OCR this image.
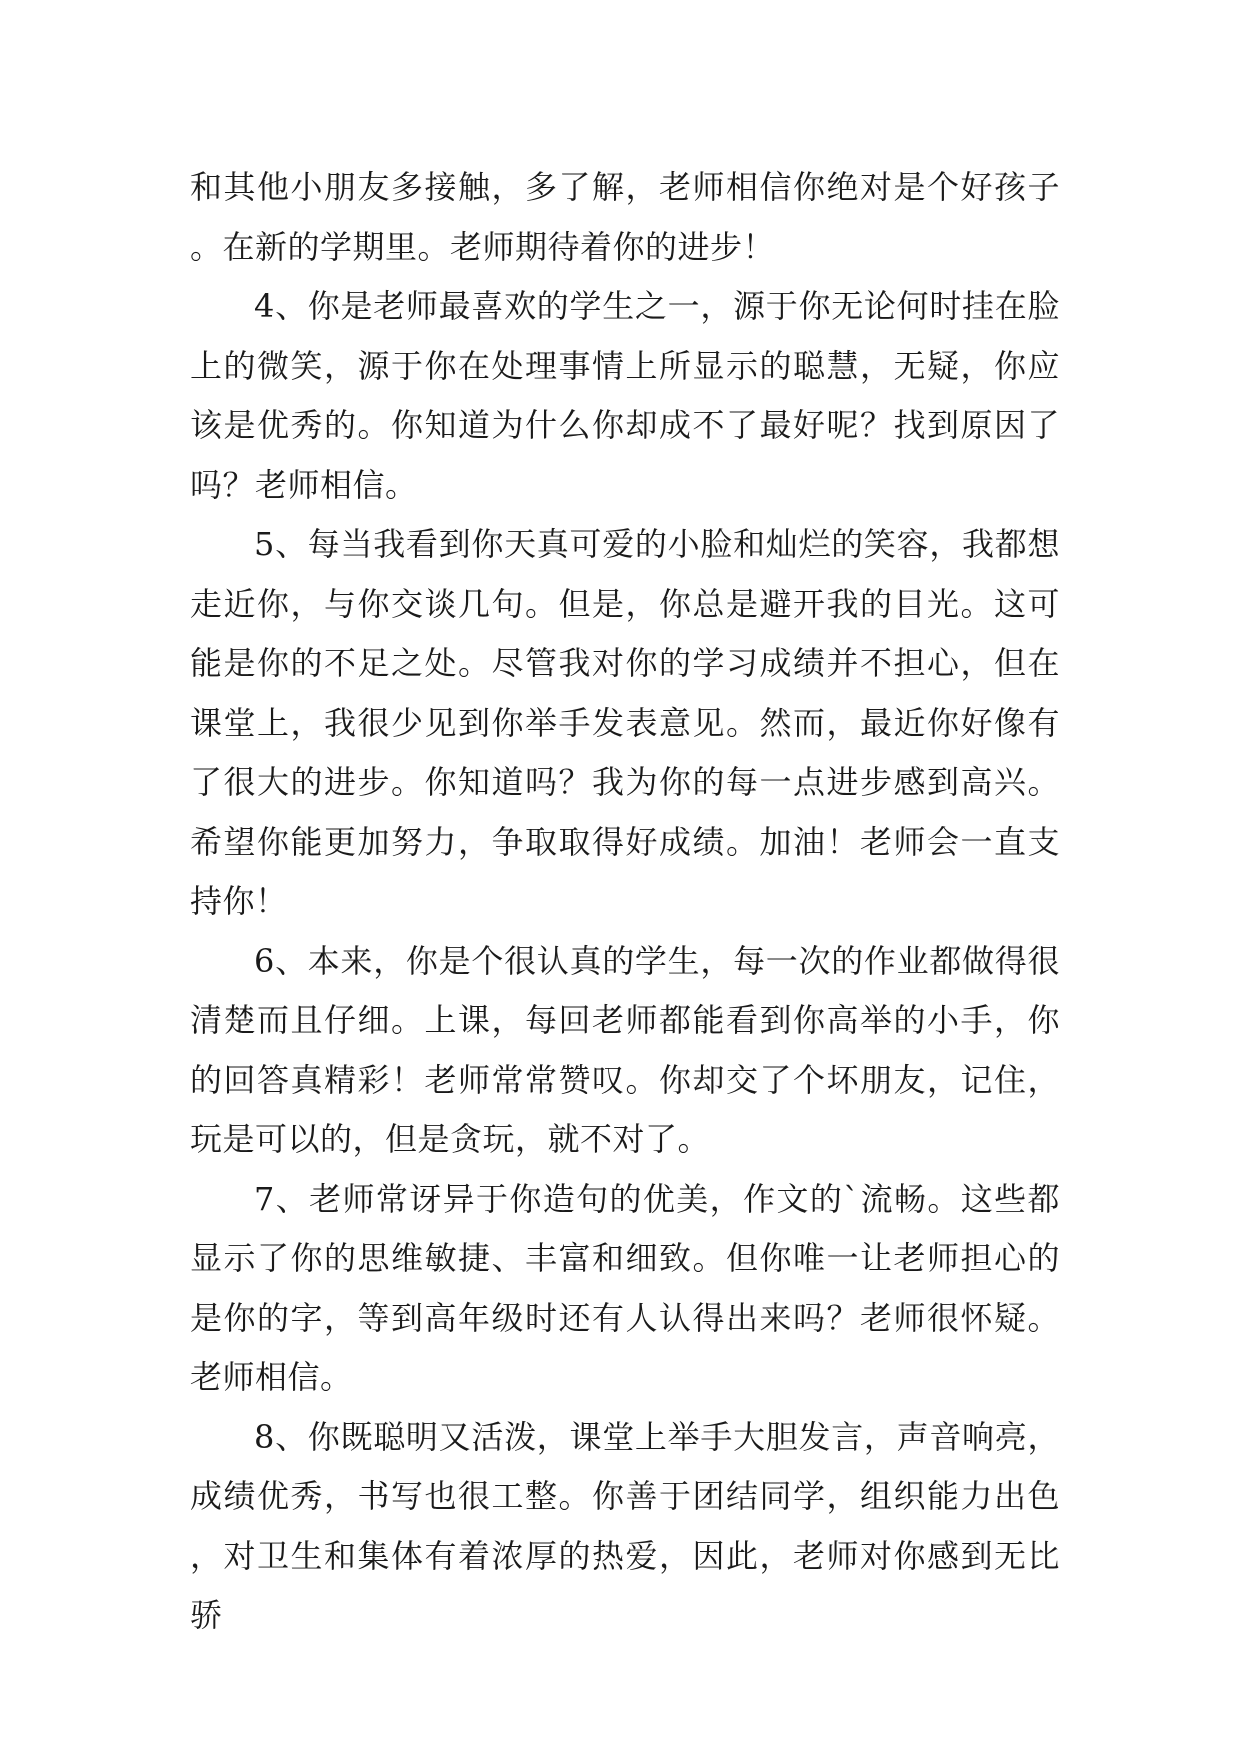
和其他小朋友多接触，多了解，老师相信你绝对是个好孩子。在新的学期里。老师期待着你的进步！

4、你是老师最喜欢的学生之一，源于你无论何时挂在脸上的微笑，源于你在处理事情上所显示的聪慧，无疑，你应该是优秀的。你知道为什么你却成不了最好呢？找到原因了吗？老师相信。

5、每当我看到你天真可爱的小脸和灿烂的笑容，我都想走近你，与你交谈几句。但是，你总是避开我的目光。这可能是你的不足之处。尽管我对你的学习成绩并不担心，但在课堂上，我很少见到你举手发表意见。然而，最近你好像有了很大的进步。你知道吗？我为你的每一点进步感到高兴。希望你能更加努力，争取取得好成绩。加油！老师会一直支持你！

6、本来，你是个很认真的学生，每一次的作业都做得很清楚而且仔细。上课，每回老师都能看到你高举的小手，你的回答真精彩！老师常常赞叹。你却交了个坏朋友，记住，玩是可以的，但是贪玩，就不对了。

7、老师常讶异于你造句的优美，作文的`流畅。这些都显示了你的思维敏捷、丰富和细致。但你唯一让老师担心的是你的字，等到高年级时还有人认得出来吗？老师很怀疑。老师相信。

8、你既聪明又活泼，课堂上举手大胆发言，声音响亮，成绩优秀，书写也很工整。你善于团结同学，组织能力出色，对卫生和集体有着浓厚的热爱，因此，老师对你感到无比骄
